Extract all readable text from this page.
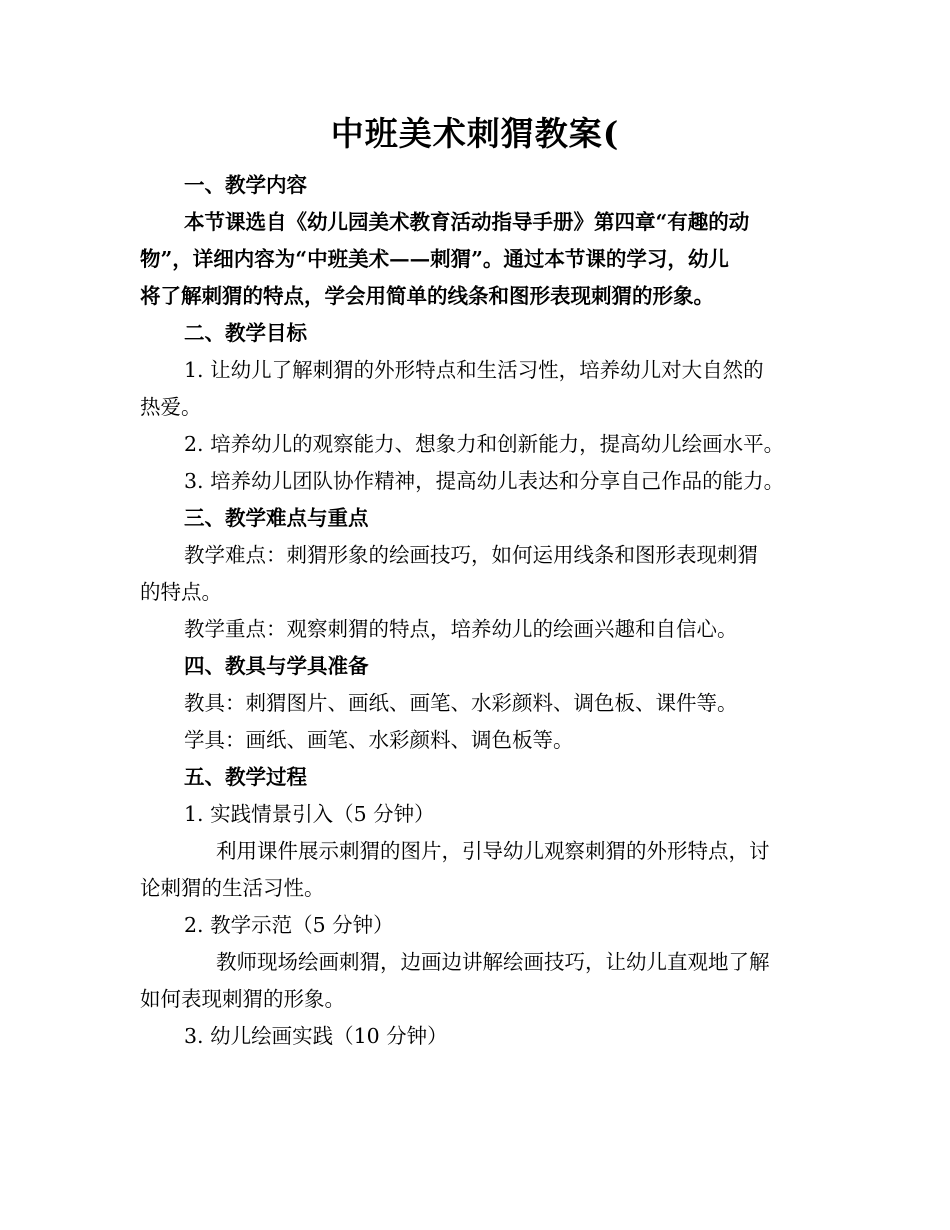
中班美术刺猬教案(
一、教学内容
本节课选自《幼儿园美术教育活动指导手册》第四章“有趣的动
物”，详细内容为“中班美术——刺猬”。通过本节课的学习，幼儿
将了解刺猬的特点，学会用简单的线条和图形表现刺猬的形象。
二、教学目标
1. 让幼儿了解刺猬的外形特点和生活习性，培养幼儿对大自然的
热爱。
2. 培养幼儿的观察能力、想象力和创新能力，提高幼儿绘画水平。
3. 培养幼儿团队协作精神，提高幼儿表达和分享自己作品的能力。
三、教学难点与重点
教学难点：刺猬形象的绘画技巧，如何运用线条和图形表现刺猬
的特点。
教学重点：观察刺猬的特点，培养幼儿的绘画兴趣和自信心。
四、教具与学具准备
教具：刺猬图片、画纸、画笔、水彩颜料、调色板、课件等。
学具：画纸、画笔、水彩颜料、调色板等。
五、教学过程
1. 实践情景引入（5 分钟）
利用课件展示刺猬的图片，引导幼儿观察刺猬的外形特点，讨
论刺猬的生活习性。
2. 教学示范（5 分钟）
教师现场绘画刺猬，边画边讲解绘画技巧，让幼儿直观地了解
如何表现刺猬的形象。
3. 幼儿绘画实践（10 分钟）
